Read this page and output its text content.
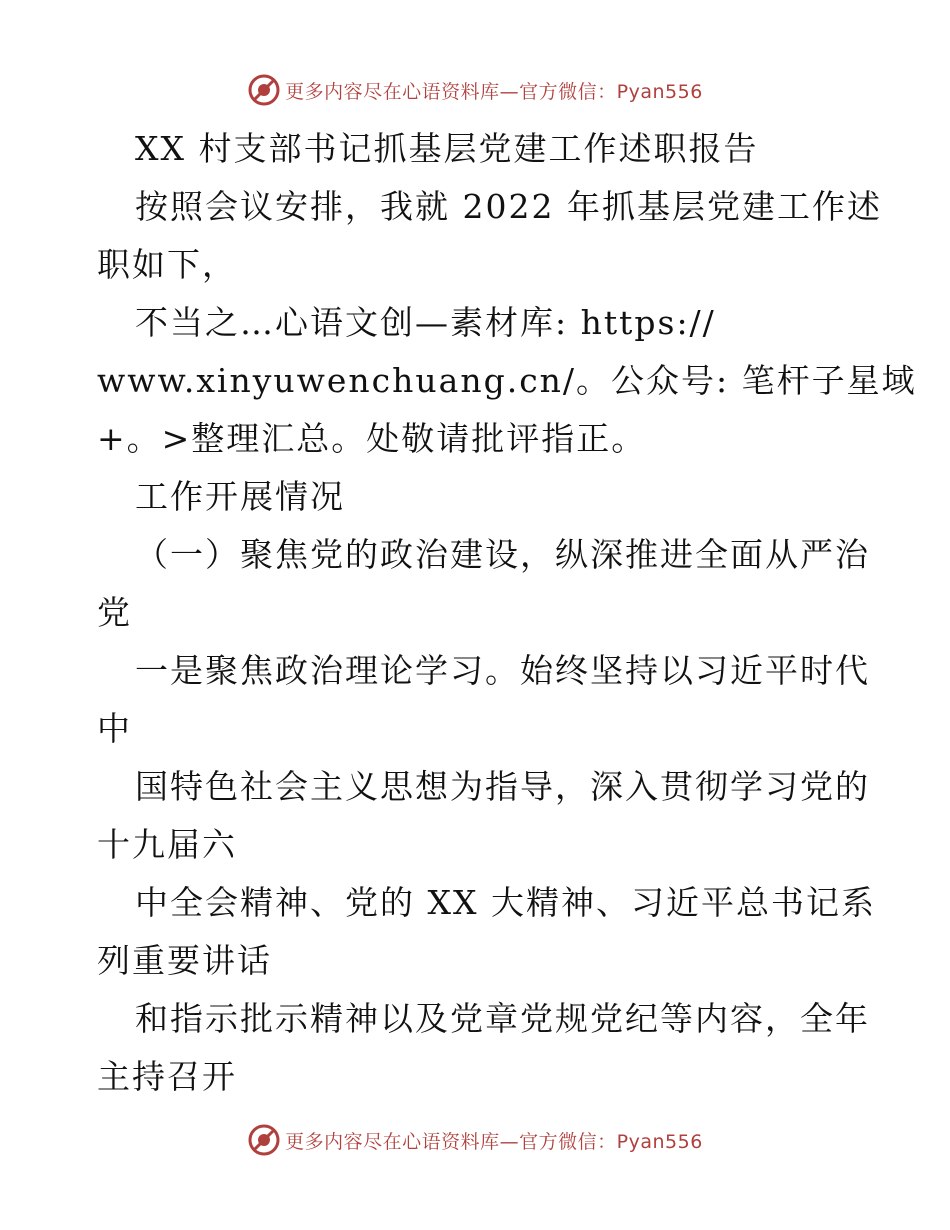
更多内容尽在心语资料库—官方微信：Pyan556
XX 村支部书记抓基层党建工作述职报告
按照会议安排，我就 2022 年抓基层党建工作述
职如下，
不当之…心语文创—素材库: https://
www.xinyuwenchuang.cn/。公众号: 笔杆子星域
+。>整理汇总。处敬请批评指正。
工作开展情况
（一）聚焦党的政治建设，纵深推进全面从严治
党
一是聚焦政治理论学习。始终坚持以习近平时代
中
国特色社会主义思想为指导，深入贯彻学习党的
十九届六
中全会精神、党的 XX 大精神、习近平总书记系
列重要讲话
和指示批示精神以及党章党规党纪等内容，全年
主持召开
更多内容尽在心语资料库—官方微信：Pyan556
